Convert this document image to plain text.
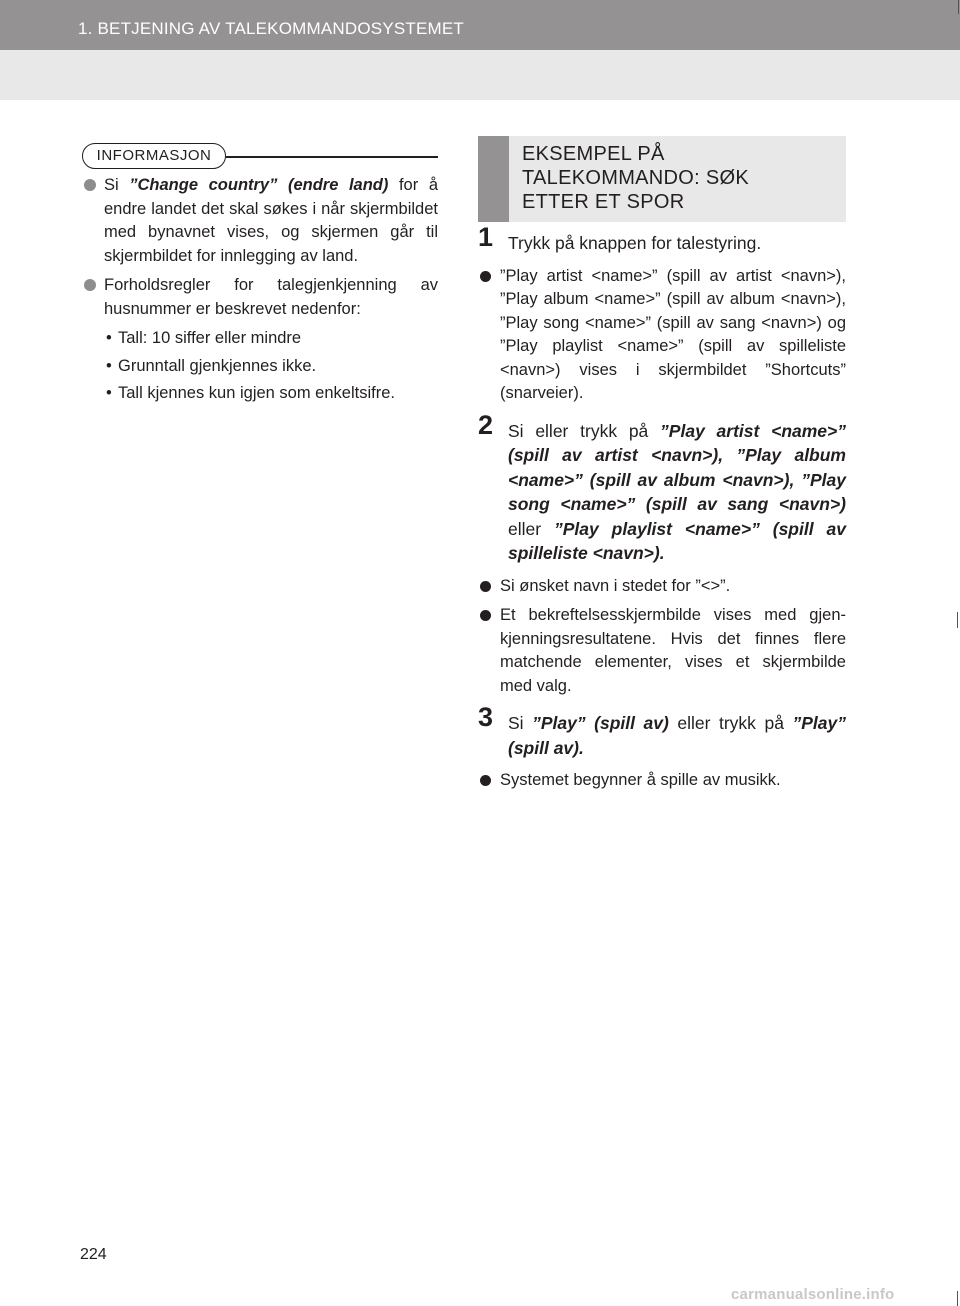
1. BETJENING AV TALEKOMMANDOSYSTEMET
INFORMASJON
Si ”Change country” (endre land) for å endre landet det skal søkes i når skjermbildet med bynavnet vises, og skjermen går til skjermbildet for innlegging av land.
Forholdsregler for talegjenkjenning av husnummer er beskrevet nedenfor:
• Tall: 10 siffer eller mindre
• Grunntall gjenkjennes ikke.
• Tall kjennes kun igjen som enkeltsifre.
EKSEMPEL PÅ
TALEKOMMANDO: SØK
ETTER ET SPOR
1 Trykk på knappen for talestyring.
”Play artist <name>” (spill av artist <navn>), ”Play album <name>” (spill av album <navn>), ”Play song <name>” (spill av sang <navn>) og ”Play playlist <name>” (spill av spilleliste <navn>) vises i skjermbildet ”Shortcuts” (snarveier).
2 Si eller trykk på ”Play artist <name>” (spill av artist <navn>), ”Play album <name>” (spill av album <navn>), ”Play song <name>” (spill av sang <navn>) eller ”Play playlist <name>” (spill av spilleliste <navn>).
Si ønsket navn i stedet for ”<>”.
Et bekreftelsesskjermbilde vises med gjenkjenningsresultatene. Hvis det finnes flere matchende elementer, vises et skjermbilde med valg.
3 Si ”Play” (spill av) eller trykk på ”Play” (spill av).
Systemet begynner å spille av musikk.
224
carmanualsonline.info
